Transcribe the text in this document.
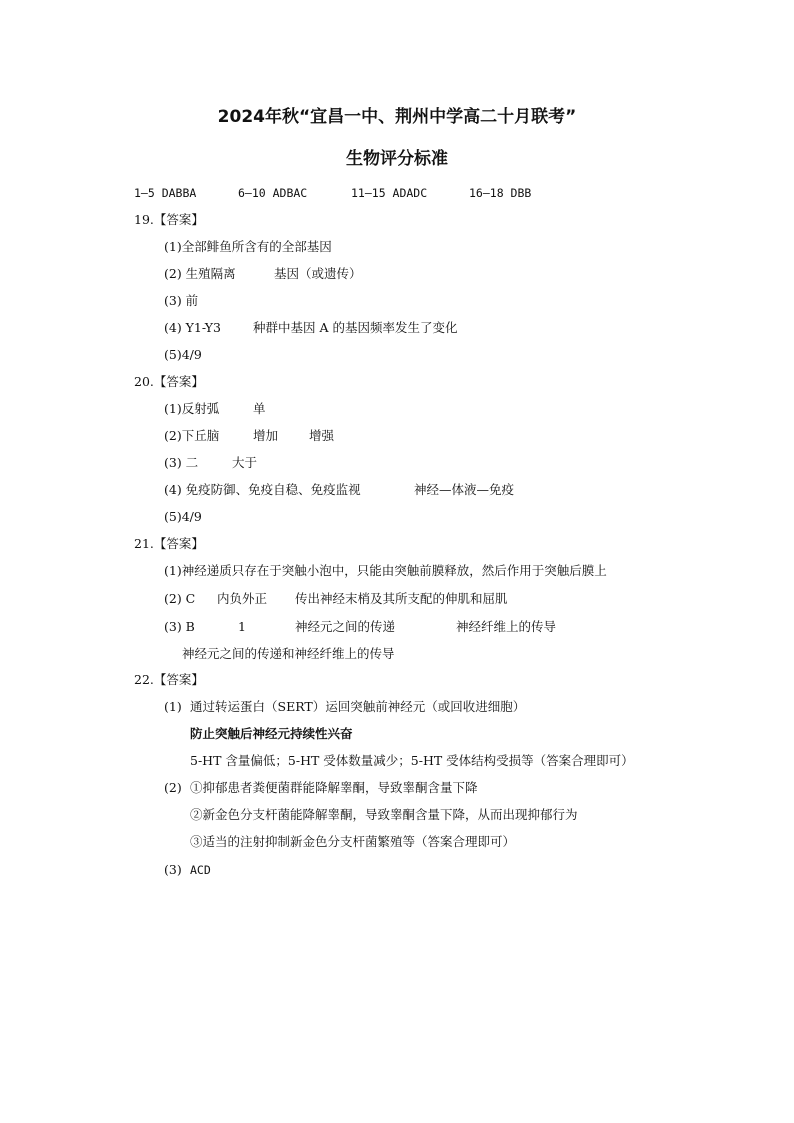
2024年秋“宜昌一中、荆州中学高二十月联考”
生物评分标准
1—5 DABBA	6—10 ADBAC	11—15 ADADC	16—18 DBB
19.【答案】
(1)全部鲱鱼所含有的全部基因
(2) 生殖隔离	基因（或遗传）
(3) 前
(4) Y1-Y3	种群中基因 A 的基因频率发生了变化
(5)4/9
20.【答案】
(1)反射弧	单
(2)下丘脑	增加 增强
(3) 二	大于
(4) 免疫防御、免疫自稳、免疫监视	神经—体液—免疫
(5)4/9
21.【答案】
(1)神经递质只存在于突触小泡中，只能由突触前膜释放，然后作用于突触后膜上
(2) C 内负外正 传出神经末梢及其所支配的伸肌和屈肌
(3) B	1	神经元之间的传递	神经纤维上的传导
神经元之间的传递和神经纤维上的传导
22.【答案】
(1) 通过转运蛋白（SERT）运回突触前神经元（或回收进细胞）
防止突触后神经元持续性兴奋
5-HT 含量偏低；5-HT 受体数量减少；5-HT 受体结构受损等（答案合理即可）
(2) ①抑郁患者粪便菌群能降解睾酮，导致睾酮含量下降
②新金色分支杆菌能降解睾酮，导致睾酮含量下降，从而出现抑郁行为
③适当的注射抑制新金色分支杆菌繁殖等（答案合理即可）
(3) ACD
